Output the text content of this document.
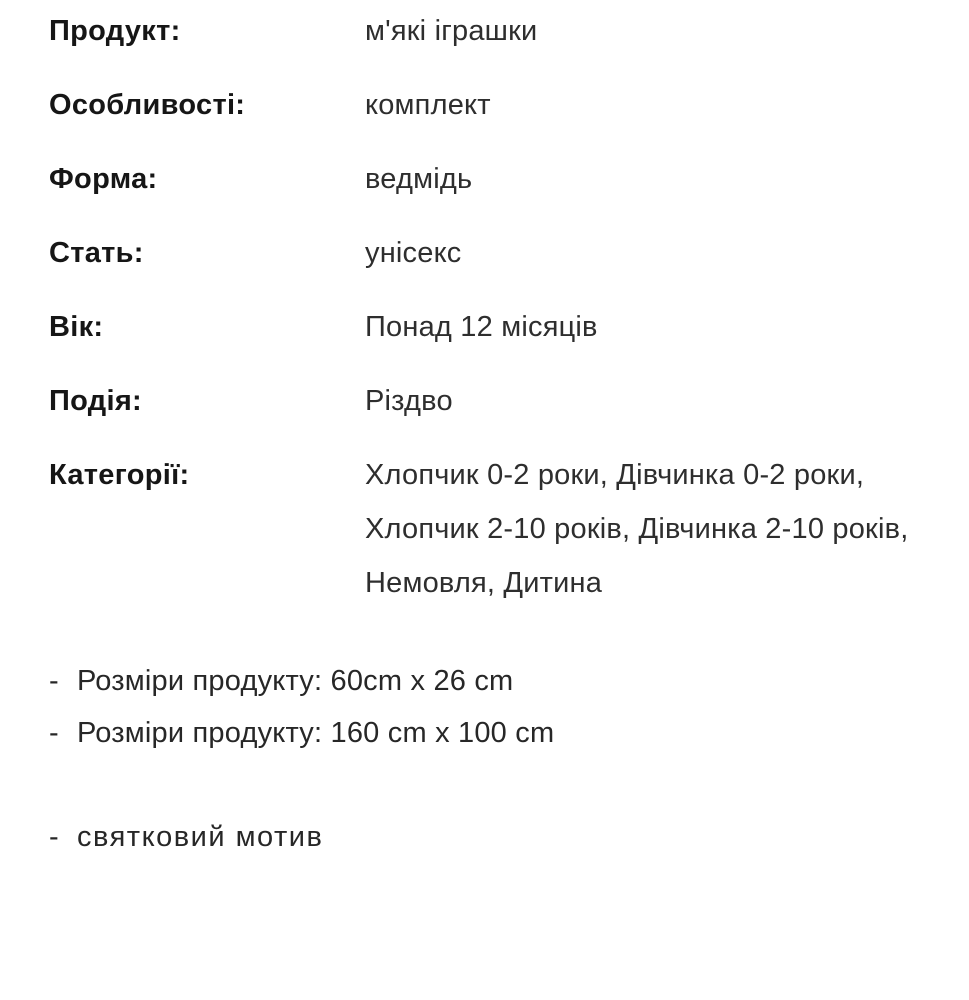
Продукт:	м'які іграшки
Особливості:	комплект
Форма:	ведмідь
Стать:	унісекс
Вік:	Понад 12 місяців
Подія:	Різдво
Категорії:	Хлопчик 0-2 роки, Дівчинка 0-2 роки, Хлопчик 2-10 років, Дівчинка 2-10 років, Немовля, Дитина
- Розміри продукту: 60cm x 26 cm
- Розміри продукту: 160 cm x 100 cm
- святковий мотив
